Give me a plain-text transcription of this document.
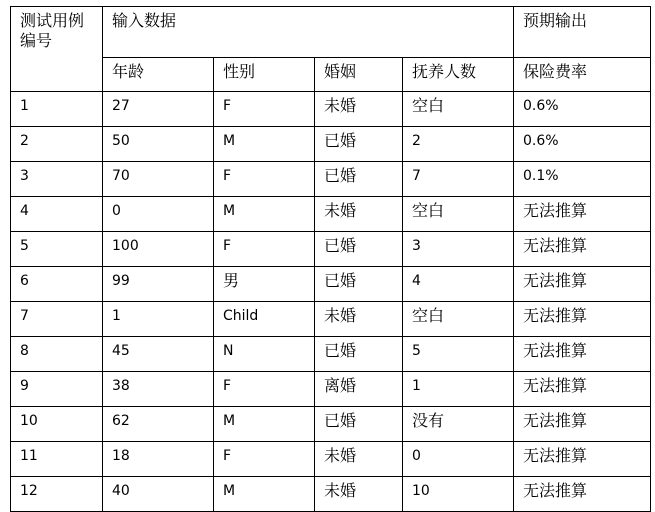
测试用例编号	输入数据				预期输出
	年龄	性别	婚姻	抚养人数	保险费率
1	27	F	未婚	空白	0.6%
2	50	M	已婚	2	0.6%
3	70	F	已婚	7	0.1%
4	0	M	未婚	空白	无法推算
5	100	F	已婚	3	无法推算
6	99	男	已婚	4	无法推算
7	1	Child	未婚	空白	无法推算
8	45	N	已婚	5	无法推算
9	38	F	离婚	1	无法推算
10	62	M	已婚	没有	无法推算
11	18	F	未婚	0	无法推算
12	40	M	未婚	10	无法推算
